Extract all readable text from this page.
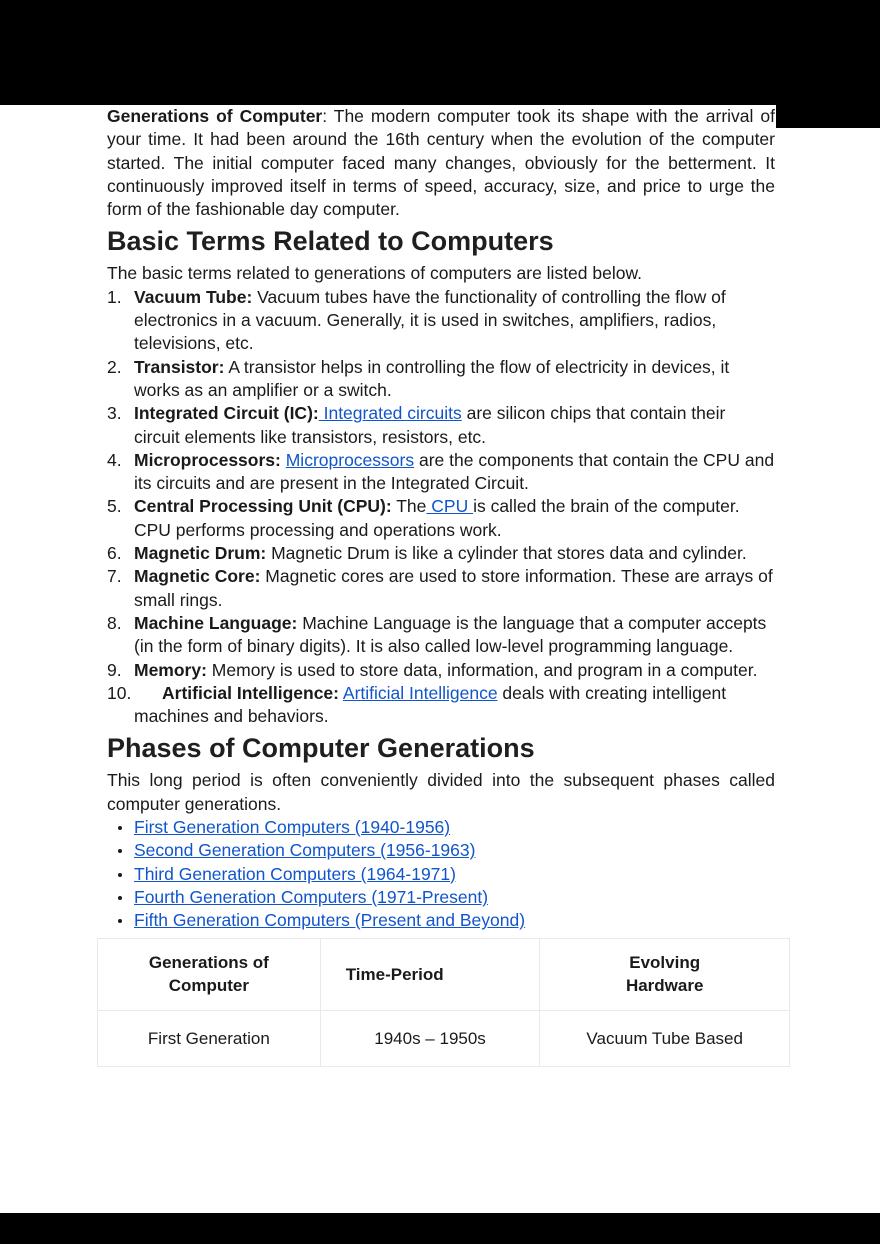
Generations of Computer: The modern computer took its shape with the arrival of your time. It had been around the 16th century when the evolution of the computer started. The initial computer faced many changes, obviously for the betterment. It continuously improved itself in terms of speed, accuracy, size, and price to urge the form of the fashionable day computer.

Basic Terms Related to Computers

The basic terms related to generations of computers are listed below.

1. Vacuum Tube: Vacuum tubes have the functionality of controlling the flow of electronics in a vacuum. Generally, it is used in switches, amplifiers, radios, televisions, etc.
2. Transistor: A transistor helps in controlling the flow of electricity in devices, it works as an amplifier or a switch.
3. Integrated Circuit (IC): Integrated circuits are silicon chips that contain their circuit elements like transistors, resistors, etc.
4. Microprocessors: Microprocessors are the components that contain the CPU and its circuits and are present in the Integrated Circuit.
5. Central Processing Unit (CPU): The CPU is called the brain of the computer. CPU performs processing and operations work.
6. Magnetic Drum: Magnetic Drum is like a cylinder that stores data and cylinder.
7. Magnetic Core: Magnetic cores are used to store information. These are arrays of small rings.
8. Machine Language: Machine Language is the language that a computer accepts (in the form of binary digits). It is also called low-level programming language.
9. Memory: Memory is used to store data, information, and program in a computer.
10. Artificial Intelligence: Artificial Intelligence deals with creating intelligent machines and behaviors.
Phases of Computer Generations

This long period is often conveniently divided into the subsequent phases called computer generations.

First Generation Computers (1940-1956)
Second Generation Computers (1956-1963)
Third Generation Computers (1964-1971)
Fourth Generation Computers (1971-Present)
Fifth Generation Computers (Present and Beyond)
Generations of Computer	Time-Period	Evolving Hardware
First Generation	1940s – 1950s	Vacuum Tube Based
